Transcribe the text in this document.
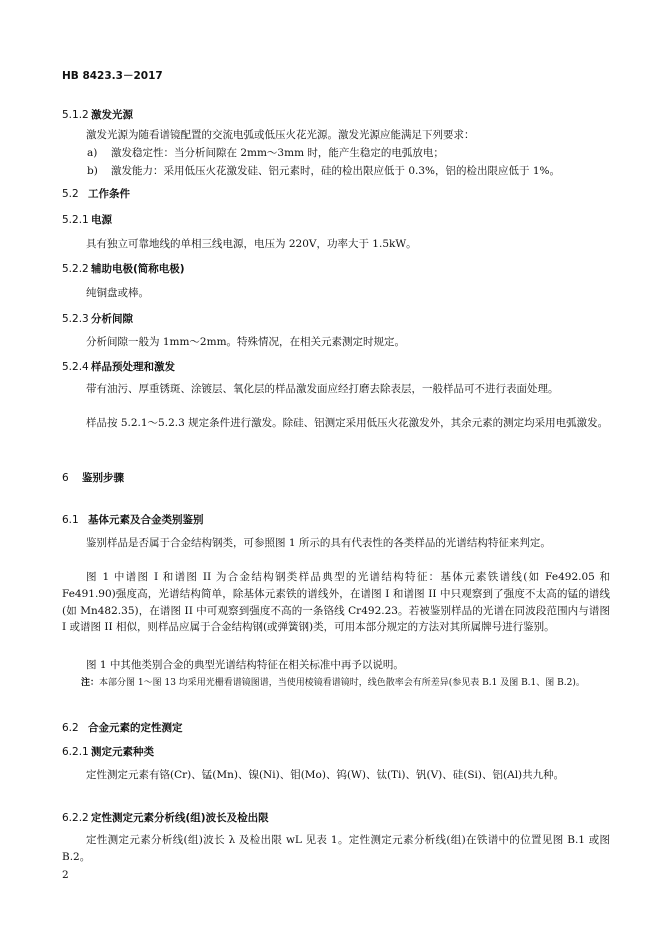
HB 8423.3－2017
5.1.2 激发光源
激发光源为随看谱镜配置的交流电弧或低压火花光源。激发光源应能满足下列要求：
a) 激发稳定性：当分析间隙在 2mm～3mm 时，能产生稳定的电弧放电；
b) 激发能力：采用低压火花激发硅、铝元素时，硅的检出限应低于 0.3%，铝的检出限应低于 1%。
5.2 工作条件
5.2.1 电源
具有独立可靠地线的单相三线电源，电压为 220V，功率大于 1.5kW。
5.2.2 辅助电极(简称电极)
纯铜盘或棒。
5.2.3 分析间隙
分析间隙一般为 1mm～2mm。特殊情况，在相关元素测定时规定。
5.2.4 样品预处理和激发
带有油污、厚重锈斑、涂镀层、氧化层的样品激发面应经打磨去除表层，一般样品可不进行表面处理。
样品按 5.2.1～5.2.3 规定条件进行激发。除硅、铝测定采用低压火花激发外，其余元素的测定均采用电弧激发。
6 鉴别步骤
6.1 基体元素及合金类别鉴别
鉴别样品是否属于合金结构钢类，可参照图 1 所示的具有代表性的各类样品的光谱结构特征来判定。
图 1 中谱图 I 和谱图 II 为合金结构钢类样品典型的光谱结构特征：基体元素铁谱线(如 Fe492.05 和 Fe491.90)强度高，光谱结构简单，除基体元素铁的谱线外，在谱图 I 和谱图 II 中只观察到了强度不太高的锰的谱线(如 Mn482.35)，在谱图 II 中可观察到强度不高的一条铬线 Cr492.23。若被鉴别样品的光谱在同波段范围内与谱图 I 或谱图 II 相似，则样品应属于合金结构钢(或弹簧钢)类，可用本部分规定的方法对其所属牌号进行鉴别。
图 1 中其他类别合金的典型光谱结构特征在相关标准中再予以说明。
注：本部分图 1～图 13 均采用光栅看谱镜图谱，当使用棱镜看谱镜时，线色散率会有所差异(参见表 B.1 及图 B.1、图 B.2)。
6.2 合金元素的定性测定
6.2.1 测定元素种类
定性测定元素有铬(Cr)、锰(Mn)、镍(Ni)、钼(Mo)、钨(W)、钛(Ti)、钒(V)、硅(Si)、铝(Al)共九种。
6.2.2 定性测定元素分析线(组)波长及检出限
定性测定元素分析线(组)波长 λ 及检出限 wL 见表 1。定性测定元素分析线(组)在铁谱中的位置见图 B.1 或图 B.2。
2
